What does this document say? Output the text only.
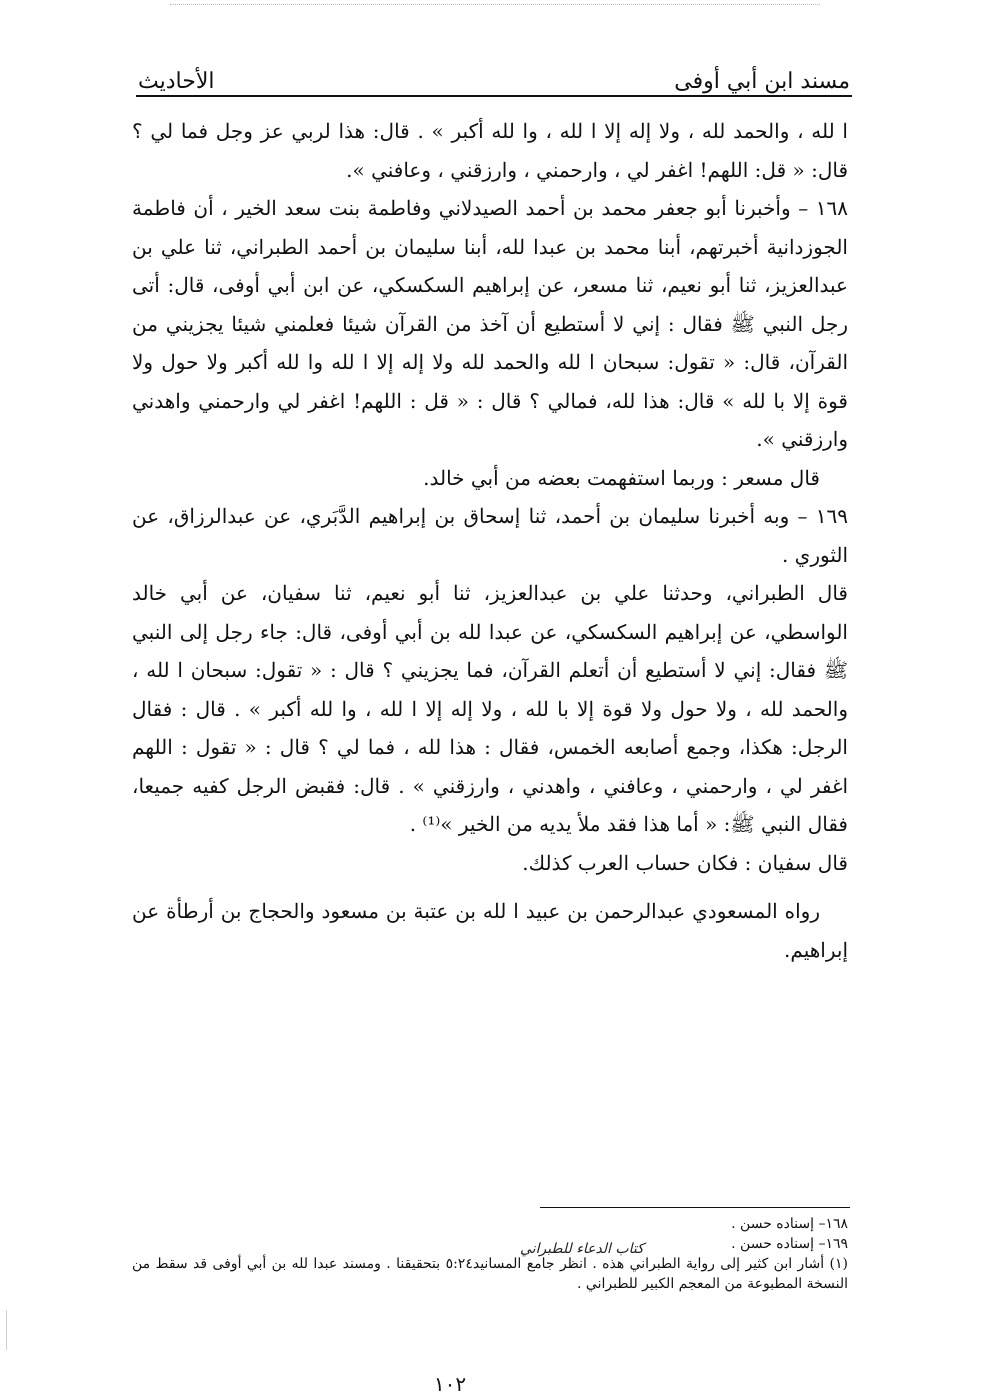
مسند ابن أبي أوفى
الأحاديث

ا لله ، والحمد لله ، ولا إله إلا ا لله ، وا لله أكبر » . قال: هذا لربي عز وجل فما لي ؟ قال: « قل: اللهم! اغفر لي ، وارحمني ، وارزقني ، وعافني ».

١٦٨ – وأخبرنا أبو جعفر محمد بن أحمد الصيدلاني وفاطمة بنت سعد الخير ، أن فاطمة الجوزدانية أخبرتهم، أبنا محمد بن عبدا لله، أبنا سليمان بن أحمد الطبراني، ثنا علي بن عبدالعزيز، ثنا أبو نعيم، ثنا مسعر، عن إبراهيم السكسكي، عن ابن أبي أوفى، قال: أتى رجل النبي ﷺ فقال : إني لا أستطيع أن آخذ من القرآن شيئا فعلمني شيئا يجزيني من القرآن، قال: « تقول: سبحان ا لله والحمد لله ولا إله إلا ا لله وا لله أكبر ولا حول ولا قوة إلا با لله » قال: هذا لله، فمالي ؟ قال : « قل : اللهم! اغفر لي وارحمني واهدني وارزقني ».

قال مسعر : وربما استفهمت بعضه من أبي خالد.

١٦٩ – وبه أخبرنا سليمان بن أحمد، ثنا إسحاق بن إبراهيم الدَّبَري، عن عبدالرزاق، عن الثوري .

قال الطبراني، وحدثنا علي بن عبدالعزيز، ثنا أبو نعيم، ثنا سفيان، عن أبي خالد الواسطي، عن إبراهيم السكسكي، عن عبدا لله بن أبي أوفى، قال: جاء رجل إلى النبي ﷺ فقال: إني لا أستطيع أن أتعلم القرآن، فما يجزيني ؟ قال : « تقول: سبحان ا لله ، والحمد لله ، ولا حول ولا قوة إلا با لله ، ولا إله إلا ا لله ، وا لله أكبر » . قال : فقال الرجل: هكذا، وجمع أصابعه الخمس، فقال : هذا لله ، فما لي ؟ قال : « تقول : اللهم اغفر لي ، وارحمني ، وعافني ، واهدني ، وارزقني » . قال: فقبض الرجل كفيه جميعا، فقال النبي ﷺ: « أما هذا فقد ملأ يديه من الخير »⁽¹⁾ .

قال سفيان : فكان حساب العرب كذلك.

رواه المسعودي عبدالرحمن بن عبيد ا لله بن عتبة بن مسعود والحجاج بن أرطأة عن إبراهيم.

١٦٨– إسناده حسن .

١٦٩– إسناده حسن .

(١) أشار ابن كثير إلى رواية الطبراني هذه . انظر جامع المسانيد٥:٢٤ بتحقيقنا . ومسند عبدا لله بن أبي أوفى قد سقط من النسخة المطبوعة من المعجم الكبير للطبراني .

كتاب الدعاء للطبراني
١٠٢
